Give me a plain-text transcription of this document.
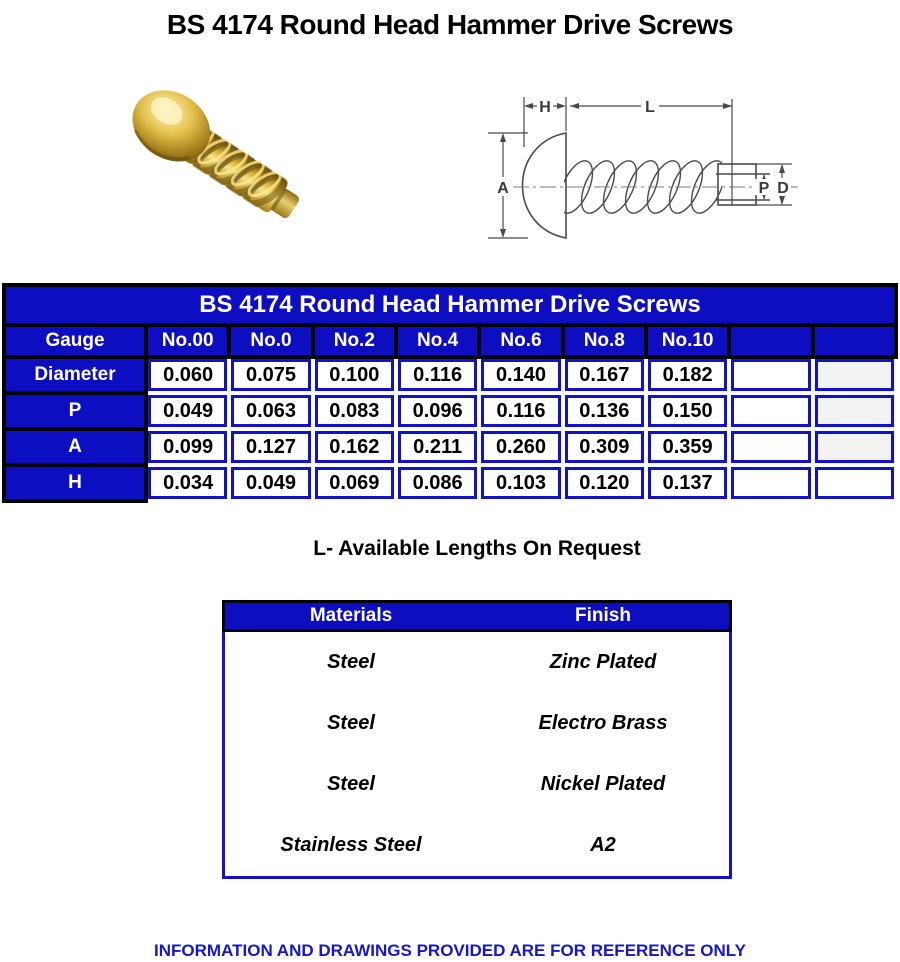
BS 4174 Round Head Hammer Drive Screws
H	L
A	P D
BS 4174 Round Head Hammer Drive Screws									
Gauge	No.00	No.0	No.2	No.4	No.6	No.8	No.10		
Diameter	0.060	0.075	0.100	0.116	0.140	0.167	0.182		
P	0.049	0.063	0.083	0.096	0.116	0.136	0.150		
A	0.099	0.127	0.162	0.211	0.260	0.309	0.359		
H	0.034	0.049	0.069	0.086	0.103	0.120	0.137		
L- Available Lengths On Request
Materials	Finish
Steel	Zinc Plated
Steel	Electro Brass
Steel	Nickel Plated
Stainless Steel	A2
INFORMATION AND DRAWINGS PROVIDED ARE FOR REFERENCE ONLY
